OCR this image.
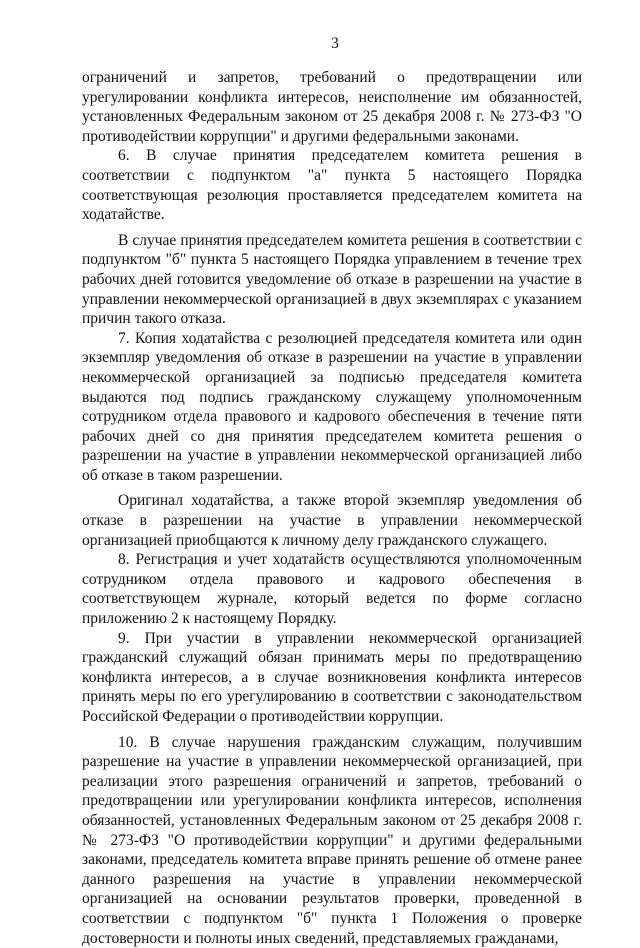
3

ограничений и запретов, требований о предотвращении или урегулировании конфликта интересов, неисполнение им обязанностей, установленных Федеральным законом от 25 декабря 2008 г. № 273-ФЗ "О противодействии коррупции" и другими федеральными законами.

6. В случае принятия председателем комитета решения в соответствии с подпунктом "а" пункта 5 настоящего Порядка соответствующая резолюция проставляется председателем комитета на ходатайстве.

В случае принятия председателем комитета решения в соответствии с подпунктом "б" пункта 5 настоящего Порядка управлением в течение трех рабочих дней готовится уведомление об отказе в разрешении на участие в управлении некоммерческой организацией в двух экземплярах с указанием причин такого отказа.

7. Копия ходатайства с резолюцией председателя комитета или один экземпляр уведомления об отказе в разрешении на участие в управлении некоммерческой организацией за подписью председателя комитета выдаются под подпись гражданскому служащему уполномоченным сотрудником отдела правового и кадрового обеспечения в течение пяти рабочих дней со дня принятия председателем комитета решения о разрешении на участие в управлении некоммерческой организацией либо об отказе в таком разрешении.

Оригинал ходатайства, а также второй экземпляр уведомления об отказе в разрешении на участие в управлении некоммерческой организацией приобщаются к личному делу гражданского служащего.

8. Регистрация и учет ходатайств осуществляются уполномоченным сотрудником отдела правового и кадрового обеспечения в соответствующем журнале, который ведется по форме согласно приложению 2 к настоящему Порядку.

9. При участии в управлении некоммерческой организацией гражданский служащий обязан принимать меры по предотвращению конфликта интересов, а в случае возникновения конфликта интересов принять меры по его урегулированию в соответствии с законодательством Российской Федерации о противодействии коррупции.

10. В случае нарушения гражданским служащим, получившим разрешение на участие в управлении некоммерческой организацией, при реализации этого разрешения ограничений и запретов, требований о предотвращении или урегулировании конфликта интересов, исполнения обязанностей, установленных Федеральным законом от 25 декабря 2008 г. № 273-ФЗ "О противодействии коррупции" и другими федеральными законами, председатель комитета вправе принять решение об отмене ранее данного разрешения на участие в управлении некоммерческой организацией на основании результатов проверки, проведенной в соответствии с подпунктом "б" пункта 1 Положения о проверке достоверности и полноты иных сведений, представляемых гражданами,
